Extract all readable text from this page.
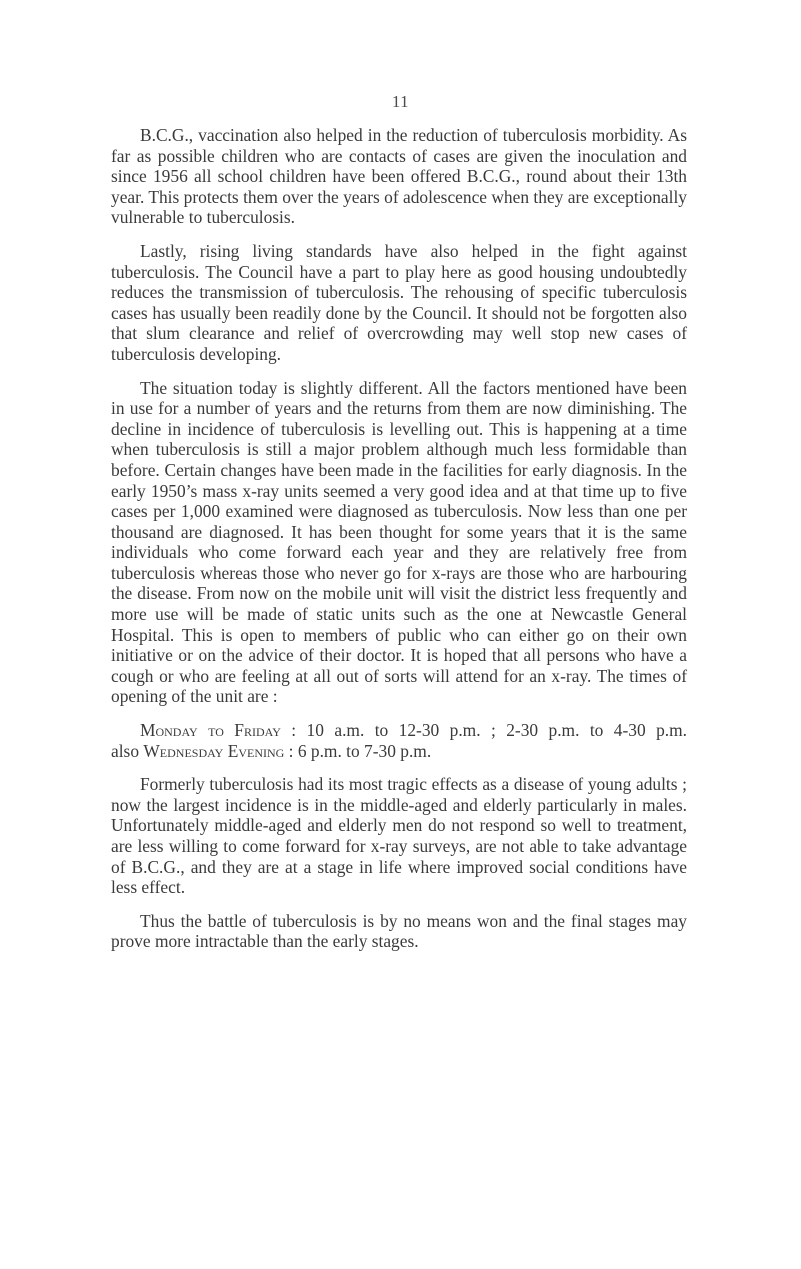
11

B.C.G., vaccination also helped in the reduction of tuberculosis morbidity. As far as possible children who are contacts of cases are given the inoculation and since 1956 all school children have been offered B.C.G., round about their 13th year. This protects them over the years of adolescence when they are exceptionally vulnerable to tuberculosis.

Lastly, rising living standards have also helped in the fight against tuberculosis. The Council have a part to play here as good housing undoubtedly reduces the transmission of tuberculosis. The rehousing of specific tuberculosis cases has usually been readily done by the Council. It should not be forgotten also that slum clearance and relief of overcrowding may well stop new cases of tuberculosis developing.

The situation today is slightly different. All the factors mentioned have been in use for a number of years and the returns from them are now diminishing. The decline in incidence of tuberculosis is levelling out. This is happening at a time when tuberculosis is still a major problem although much less formidable than before. Certain changes have been made in the facilities for early diagnosis. In the early 1950’s mass x-ray units seemed a very good idea and at that time up to five cases per 1,000 examined were diagnosed as tuberculosis. Now less than one per thousand are diagnosed. It has been thought for some years that it is the same individuals who come forward each year and they are relatively free from tuberculosis whereas those who never go for x-rays are those who are harbouring the disease. From now on the mobile unit will visit the district less frequently and more use will be made of static units such as the one at Newcastle General Hospital. This is open to members of public who can either go on their own initiative or on the advice of their doctor. It is hoped that all persons who have a cough or who are feeling at all out of sorts will attend for an x-ray. The times of opening of the unit are :

Monday to Friday : 10 a.m. to 12-30 p.m. ; 2-30 p.m. to 4-30 p.m.
also Wednesday Evening : 6 p.m. to 7-30 p.m.

Formerly tuberculosis had its most tragic effects as a disease of young adults ; now the largest incidence is in the middle-aged and elderly particularly in males. Unfortunately middle-aged and elderly men do not respond so well to treatment, are less willing to come forward for x-ray surveys, are not able to take advantage of B.C.G., and they are at a stage in life where improved social conditions have less effect.

Thus the battle of tuberculosis is by no means won and the final stages may prove more intractable than the early stages.
